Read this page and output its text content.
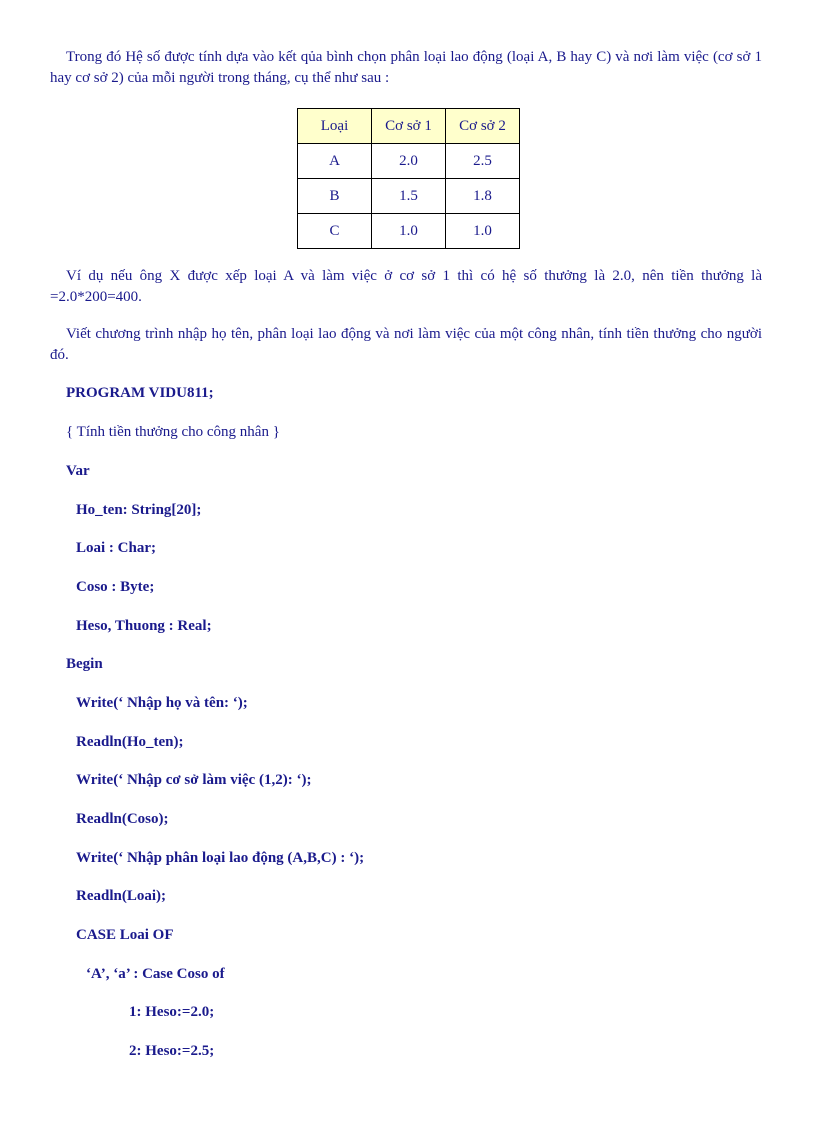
Trong đó Hệ số được tính dựa vào kết qủa bình chọn phân loại lao động (loại A, B hay C) và nơi làm việc (cơ sở 1 hay cơ sở 2) của mỗi người trong tháng, cụ thể như sau :

Loại	Cơ sở 1	Cơ sở 2
A	2.0	2.5
B	1.5	1.8
C	1.0	1.0

Ví dụ nếu ông X được xếp loại A và làm việc ở cơ sở 1 thì có hệ số thưởng là 2.0, nên tiền thưởng là =2.0*200=400.

Viết chương trình nhập họ tên, phân loại lao động và nơi làm việc của một công nhân, tính tiền thưởng cho người đó.

PROGRAM VIDU811;
{ Tính tiền thưởng cho công nhân }
Var
Ho_ten: String[20];
Loai : Char;
Coso : Byte;
Heso, Thuong : Real;
Begin
Write(‘ Nhập họ và tên: ‘);
Readln(Ho_ten);
Write(‘ Nhập cơ sở làm việc (1,2): ‘);
Readln(Coso);
Write(‘ Nhập phân loại lao động (A,B,C) : ‘);
Readln(Loai);
CASE Loai OF
‘A’, ‘a’ : Case Coso of
1: Heso:=2.0;
2: Heso:=2.5;
